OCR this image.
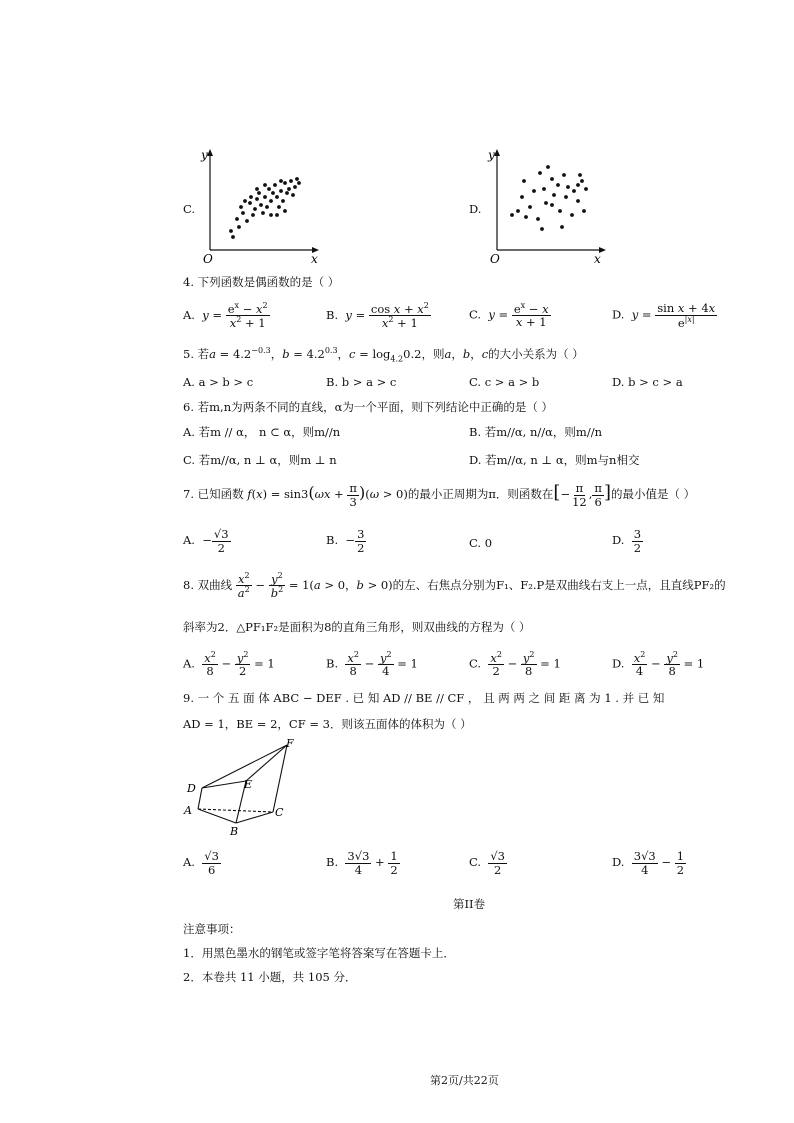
C.
y
x
O
D.
y
x
O
4. 下列函数是偶函数的是（ ）
A. $y = \frac{e^x - x^2}{x^2 + 1}$	B. $y = \frac{\cos x + x^2}{x^2 + 1}$	C. $y = \frac{e^x - x}{x + 1}$	D. $y = \frac{\text{sin x + 4x}}{e^{|x|}}$
5. 若$a = 4.2^{-0.3}$，$b = 4.2^{0.3}$，$c = \log_{4.2}0.2$，则a，b，c的大小关系为（ ）
A. a > b > c	B. b > a > c	C. c > a > b	D. b > c > a
6. 若m,n为两条不同的直线，α为一个平面，则下列结论中正确的是（ ）
A. 若m // α， n ⊂ α，则m//n	B. 若m//α, n//α，则m//n
C. 若m//α, n ⊥ α，则m ⊥ n	D. 若m//α, n ⊥ α，则m与n相交
7. 已知函数 $f(x) = \sin 3(\omega x + \frac{\pi}{3} )(\omega > 0)$的最小正周期为π．则函数在[− $\frac{\pi}{12}$ , $\frac{\pi}{6}$ ]的最小值是（ ）
A.  − $\frac{√3}{2}$	B.  − $\frac{3}{2}$	C. 0	D. $\frac{3}{2}$
8. 双曲线 $\frac{x^2}{a^2} - \frac{y^2}{b^2} = 1(a > 0$，b > 0)的左、右焦点分别为F₁、F₂.P是双曲线右支上一点，且直线PF₂的
斜率为2．△PF₁F₂是面积为8的直角三角形，则双曲线的方程为（ ）
A. $\frac{x^2}{8} - \frac{y^2}{2} = 1$	B. $\frac{x^2}{8} - \frac{y^2}{4} = 1$	C. $\frac{x^2}{2} - \frac{y^2}{8} = 1$	D. $\frac{x^2}{4} - \frac{y^2}{8} = 1$
9. 一 个 五 面 体 ABC − DEF . 已 知 AD // BE // CF ， 且 两 两 之 间 距 离 为 1 . 并 已 知
AD = 1，BE = 2，CF = 3．则该五面体的体积为（ ）
F
D	E
A	C
B
A. $\frac{√3}{6}$	B. $\frac{3√3}{4} + \frac{1}{2}$	C. $\frac{√3}{2}$	D. $\frac{3√3}{4} - \frac{1}{2}$
第II卷
注意事项：
1．用黑色墨水的钢笔或签字笔将答案写在答题卡上．
2．本卷共 11 小题，共 105 分．
第2页/共22页
